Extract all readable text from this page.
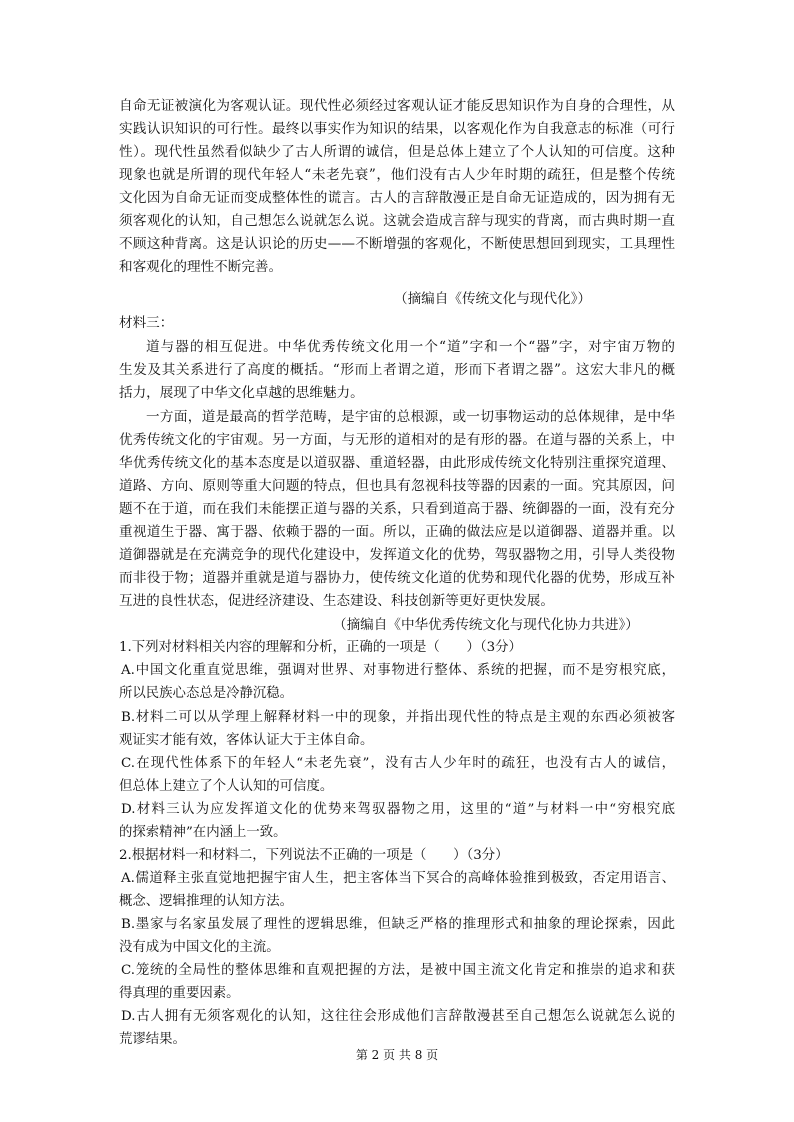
自命无证被演化为客观认证。现代性必须经过客观认证才能反思知识作为自身的合理性，从
实践认识知识的可行性。最终以事实作为知识的结果，以客观化作为自我意志的标准（可行
性）。现代性虽然看似缺少了古人所谓的诚信，但是总体上建立了个人认知的可信度。这种
现象也就是所谓的现代年轻人“未老先衰”，他们没有古人少年时期的疏狂，但是整个传统
文化因为自命无证而变成整体性的谎言。古人的言辞散漫正是自命无证造成的，因为拥有无
须客观化的认知，自己想怎么说就怎么说。这就会造成言辞与现实的背离，而古典时期一直
不顾这种背离。这是认识论的历史——不断增强的客观化，不断使思想回到现实，工具理性
和客观化的理性不断完善。
（摘编自《传统文化与现代化》）
材料三：
道与器的相互促进。中华优秀传统文化用一个“道”字和一个“器”字，对宇宙万物的
生发及其关系进行了高度的概括。“形而上者谓之道，形而下者谓之器”。这宏大非凡的概
括力，展现了中华文化卓越的思维魅力。
一方面，道是最高的哲学范畴，是宇宙的总根源，或一切事物运动的总体规律，是中华
优秀传统文化的宇宙观。另一方面，与无形的道相对的是有形的器。在道与器的关系上，中
华优秀传统文化的基本态度是以道驭器、重道轻器，由此形成传统文化特别注重探究道理、
道路、方向、原则等重大问题的特点，但也具有忽视科技等器的因素的一面。究其原因，问
题不在于道，而在我们未能摆正道与器的关系，只看到道高于器、统御器的一面，没有充分
重视道生于器、寓于器、依赖于器的一面。所以，正确的做法应是以道御器、道器并重。以
道御器就是在充满竞争的现代化建设中，发挥道文化的优势，驾驭器物之用，引导人类役物
而非役于物；道器并重就是道与器协力，使传统文化道的优势和现代化器的优势，形成互补
互进的良性状态，促进经济建设、生态建设、科技创新等更好更快发展。
（摘编自《中华优秀传统文化与现代化协力共进》）
1.下列对材料相关内容的理解和分析，正确的一项是（　　）（3分）
A.中国文化重直觉思维，强调对世界、对事物进行整体、系统的把握，而不是穷根究底，
所以民族心态总是冷静沉稳。
B.材料二可以从学理上解释材料一中的现象，并指出现代性的特点是主观的东西必须被客
观证实才能有效，客体认证大于主体自命。
C.在现代性体系下的年轻人“未老先衰”，没有古人少年时的疏狂，也没有古人的诚信，
但总体上建立了个人认知的可信度。
D.材料三认为应发挥道文化的优势来驾驭器物之用，这里的“道”与材料一中“穷根究底
的探索精神”在内涵上一致。
2.根据材料一和材料二，下列说法不正确的一项是（　　）（3分）
A.儒道释主张直觉地把握宇宙人生，把主客体当下冥合的高峰体验推到极致，否定用语言、
概念、逻辑推理的认知方法。
B.墨家与名家虽发展了理性的逻辑思维，但缺乏严格的推理形式和抽象的理论探索，因此
没有成为中国文化的主流。
C.笼统的全局性的整体思维和直观把握的方法，是被中国主流文化肯定和推崇的追求和获
得真理的重要因素。
D.古人拥有无须客观化的认知，这往往会形成他们言辞散漫甚至自己想怎么说就怎么说的
荒谬结果。
第 2 页 共 8 页
